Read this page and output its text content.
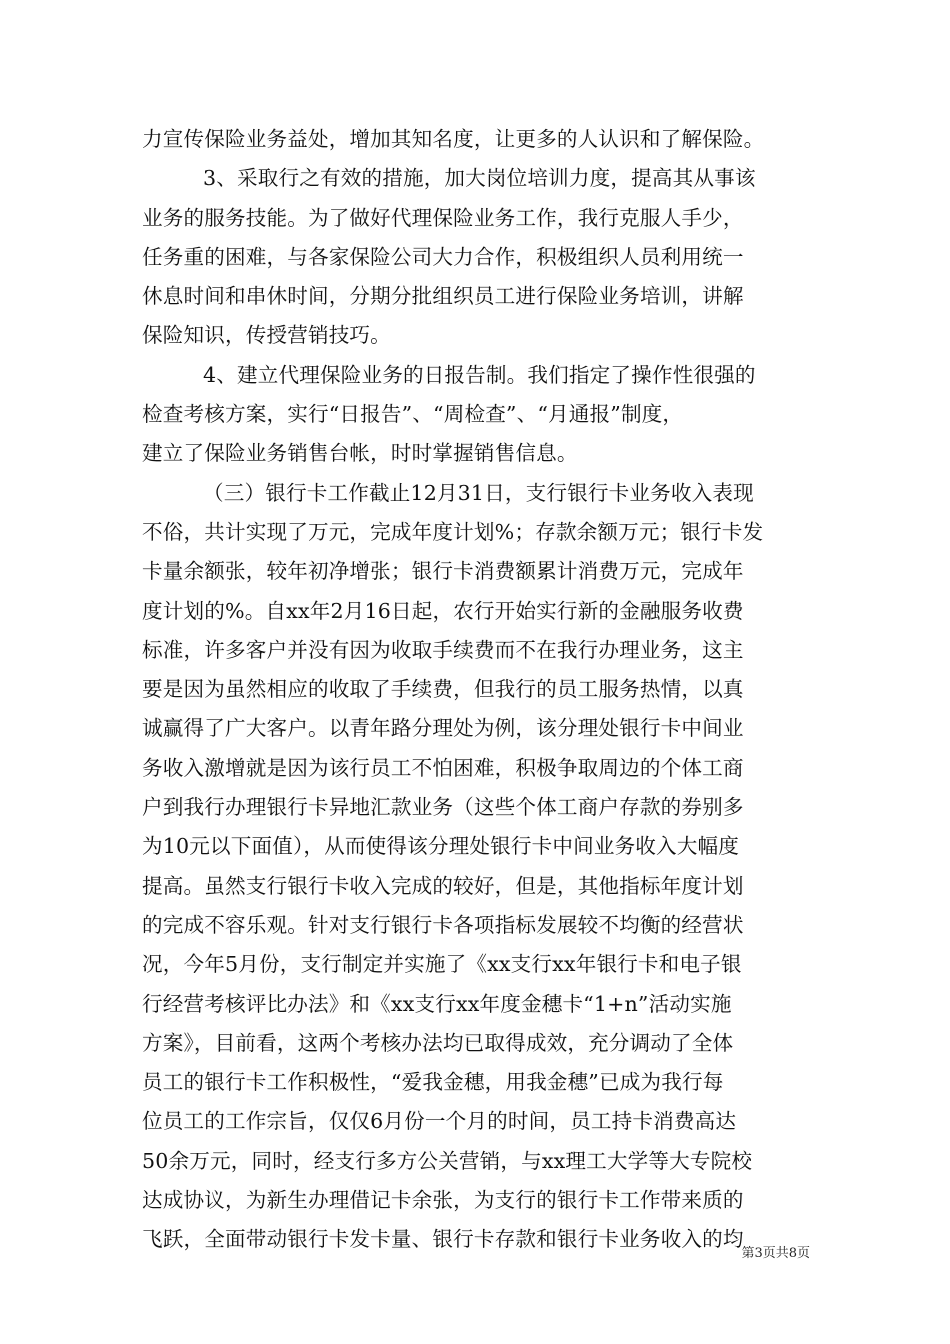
力宣传保险业务益处，增加其知名度，让更多的人认识和了解保险。
3、采取行之有效的措施，加大岗位培训力度，提高其从事该
业务的服务技能。为了做好代理保险业务工作，我行克服人手少，
任务重的困难，与各家保险公司大力合作，积极组织人员利用统一
休息时间和串休时间，分期分批组织员工进行保险业务培训，讲解
保险知识，传授营销技巧。
4、建立代理保险业务的日报告制。我们指定了操作性很强的
检查考核方案，实行“日报告”、“周检查”、“月通报”制度，
建立了保险业务销售台帐，时时掌握销售信息。
（三）银行卡工作截止12月31日，支行银行卡业务收入表现
不俗，共计实现了万元，完成年度计划%；存款余额万元；银行卡发
卡量余额张，较年初净增张；银行卡消费额累计消费万元，完成年
度计划的%。自xx年2月16日起，农行开始实行新的金融服务收费
标准，许多客户并没有因为收取手续费而不在我行办理业务，这主
要是因为虽然相应的收取了手续费，但我行的员工服务热情，以真
诚赢得了广大客户。以青年路分理处为例，该分理处银行卡中间业
务收入激增就是因为该行员工不怕困难，积极争取周边的个体工商
户到我行办理银行卡异地汇款业务（这些个体工商户存款的券别多
为10元以下面值），从而使得该分理处银行卡中间业务收入大幅度
提高。虽然支行银行卡收入完成的较好，但是，其他指标年度计划
的完成不容乐观。针对支行银行卡各项指标发展较不均衡的经营状
况，今年5月份，支行制定并实施了《xx支行xx年银行卡和电子银
行经营考核评比办法》和《xx支行xx年度金穗卡“1+n”活动实施
方案》，目前看，这两个考核办法均已取得成效，充分调动了全体
员工的银行卡工作积极性，“爱我金穗，用我金穗”已成为我行每
位员工的工作宗旨，仅仅6月份一个月的时间，员工持卡消费高达
50余万元，同时，经支行多方公关营销，与xx理工大学等大专院校
达成协议，为新生办理借记卡余张，为支行的银行卡工作带来质的
飞跃，全面带动银行卡发卡量、银行卡存款和银行卡业务收入的均
第3页共8页
